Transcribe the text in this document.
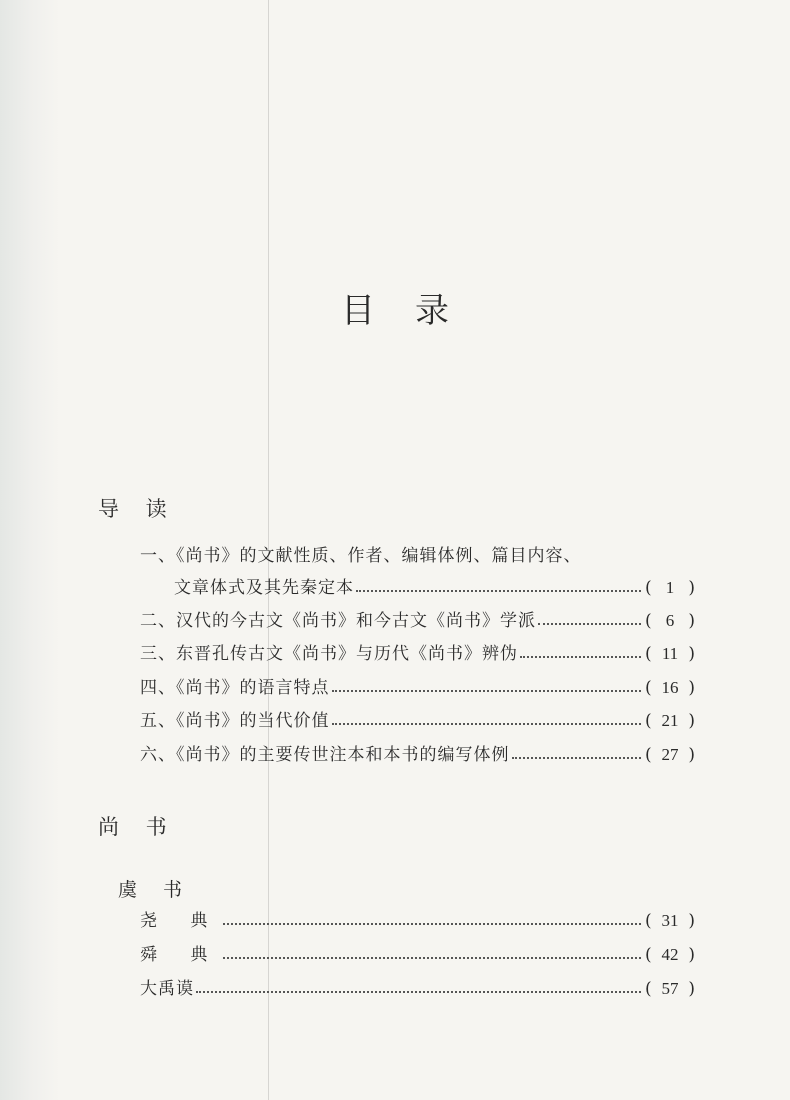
目录
导 读
一、《尚书》的文献性质、作者、编辑体例、篇目内容、
文章体式及其先秦定本	( 1 )
二、汉代的今古文《尚书》和今古文《尚书》学派	( 6 )
三、东晋孔传古文《尚书》与历代《尚书》辨伪	( 11 )
四、《尚书》的语言特点	( 16 )
五、《尚书》的当代价值	( 21 )
六、《尚书》的主要传世注本和本书的编写体例	( 27 )
尚 书
虞 书
尧 典	( 31 )
舜 典	( 42 )
大禹谟	( 57 )
